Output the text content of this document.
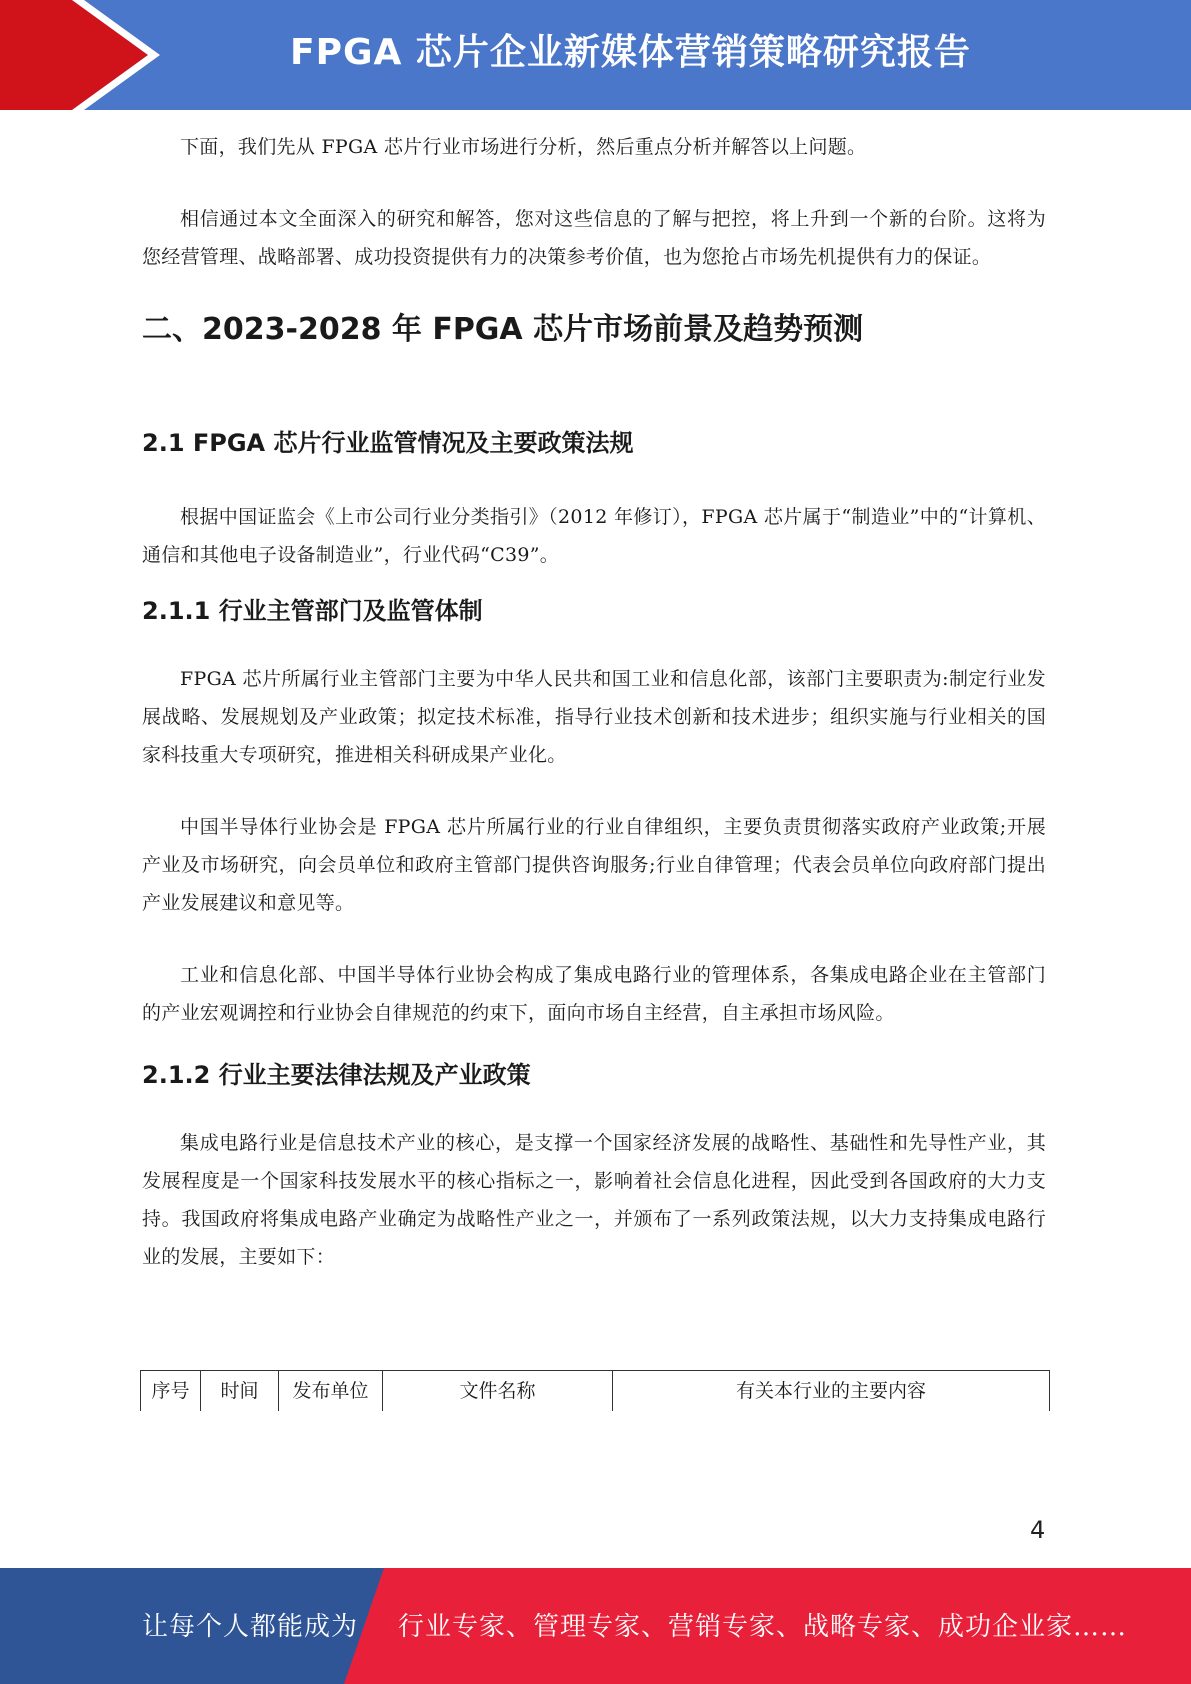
FPGA 芯片企业新媒体营销策略研究报告

下面，我们先从 FPGA 芯片行业市场进行分析，然后重点分析并解答以上问题。

相信通过本文全面深入的研究和解答，您对这些信息的了解与把控，将上升到一个新的台阶。这将为您经营管理、战略部署、成功投资提供有力的决策参考价值，也为您抢占市场先机提供有力的保证。

二、2023-2028 年 FPGA 芯片市场前景及趋势预测
2.1 FPGA 芯片行业监管情况及主要政策法规

根据中国证监会《上市公司行业分类指引》（2012 年修订），FPGA 芯片属于“制造业”中的“计算机、通信和其他电子设备制造业”，行业代码“C39”。

2.1.1 行业主管部门及监管体制

FPGA 芯片所属行业主管部门主要为中华人民共和国工业和信息化部，该部门主要职责为:制定行业发展战略、发展规划及产业政策；拟定技术标准，指导行业技术创新和技术进步；组织实施与行业相关的国家科技重大专项研究，推进相关科研成果产业化。

中国半导体行业协会是 FPGA 芯片所属行业的行业自律组织，主要负责贯彻落实政府产业政策;开展产业及市场研究，向会员单位和政府主管部门提供咨询服务;行业自律管理；代表会员单位向政府部门提出产业发展建议和意见等。

工业和信息化部、中国半导体行业协会构成了集成电路行业的管理体系，各集成电路企业在主管部门的产业宏观调控和行业协会自律规范的约束下，面向市场自主经营，自主承担市场风险。

2.1.2 行业主要法律法规及产业政策

集成电路行业是信息技术产业的核心，是支撑一个国家经济发展的战略性、基础性和先导性产业，其发展程度是一个国家科技发展水平的核心指标之一，影响着社会信息化进程，因此受到各国政府的大力支持。我国政府将集成电路产业确定为战略性产业之一，并颁布了一系列政策法规，以大力支持集成电路行业的发展，主要如下：

序号	时间	发布单位	文件名称	有关本行业的主要内容
4
让每个人都能成为 行业专家、管理专家、营销专家、战略专家、成功企业家……
